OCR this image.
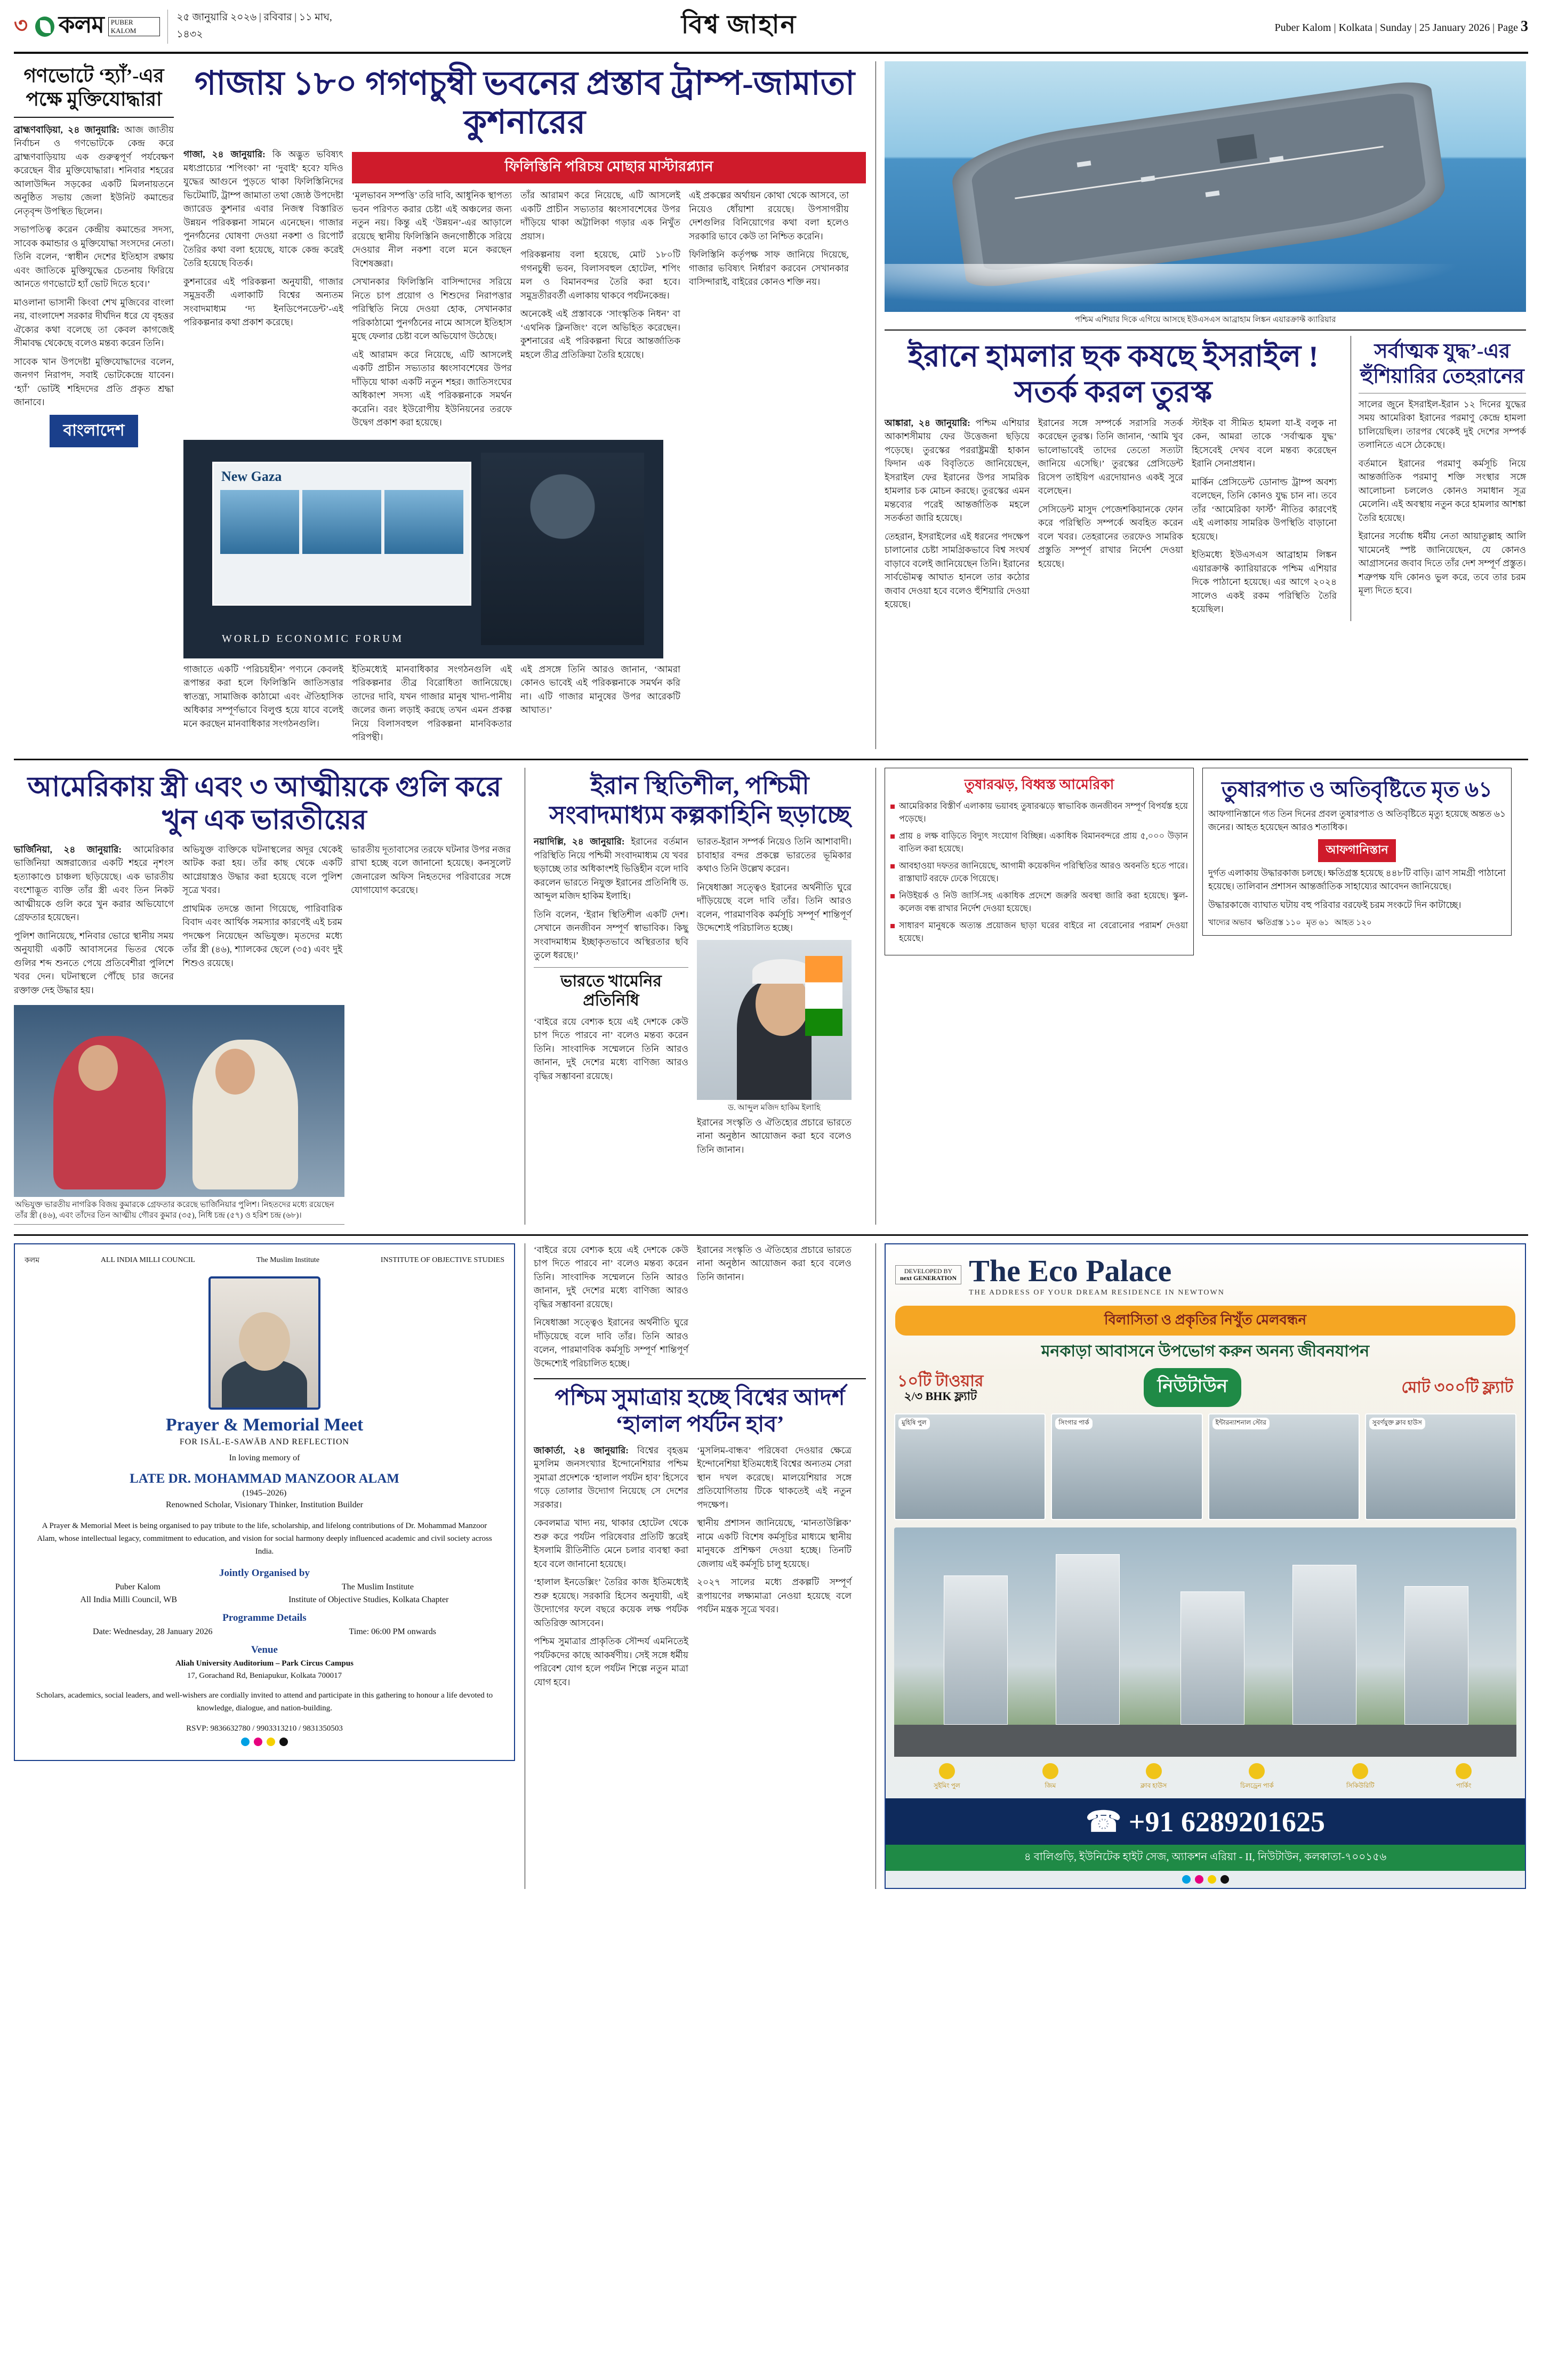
৩ কলম	PUBER KALOM
২৫ জানুয়ারি ২০২৬ | রবিবার | ১১ মাঘ, ১৪৩২	বিশ্ব জাহান	Puber Kalom | Kolkata | Sunday | 25 January 2026 | Page 3
গণভোটে ‘হ্যাঁ’-এর পক্ষে মুক্তিযোদ্ধারা

ব্রাহ্মণবাড়িয়া, ২৪ জানুয়ারি: আজ জাতীয় নির্বাচন ও গণভোটকে কেন্দ্র করে ব্রাহ্মণবাড়িয়ায় এক গুরুত্বপূর্ণ পর্যবেক্ষণ করেছেন বীর মুক্তিযোদ্ধারা। শনিবার শহরের আলাউদ্দিন সড়কের একটি মিলনায়তনে অনুষ্ঠিত সভায় জেলা ইউনিট কমান্ডের নেতৃবৃন্দ উপস্থিত ছিলেন।

সভাপতিত্ব করেন কেন্দ্রীয় কমান্ডের সদস্য, সাবেক কমান্ডার ও মুক্তিযোদ্ধা সংসদের নেতা। তিনি বলেন, ‘স্বাধীন দেশের ইতিহাস রক্ষায় এবং জাতিকে মুক্তিযুদ্ধের চেতনায় ফিরিয়ে আনতে গণভোটে হ্যাঁ ভোট দিতে হবে।’

মাওলানা ভাসানী কিংবা শেখ মুজিবের বাংলা নয়, বাংলাদেশ সরকার দীর্ঘদিন ধরে যে বৃহত্তর ঐক্যের কথা বলেছে তা কেবল কাগজেই সীমাবদ্ধ থেকেছে বলেও মন্তব্য করেন তিনি।

সাবেক খান উপদেষ্টা মুক্তিযোদ্ধাদের বলেন, জনগণ নিরাপদ, সবাই ভোটকেন্দ্রে যাবেন। ‘হ্যাঁ’ ভোটই শহিদদের প্রতি প্রকৃত শ্রদ্ধা জানাবে।

বাংলাদেশ
গাজায় ১৮০ গগণচুম্বী ভবনের প্রস্তাব ট্রাম্প-জামাতা কুশনারের

গাজা, ২৪ জানুয়ারি: কি অদ্ভুত ভবিষ্যৎ মধ্যপ্রাচ্যের ‘শপিংকা’ না ‘দুবাই’ হবে? যদিও যুদ্ধের আগুনে পুড়তে থাকা ফিলিস্তিনিদের ভিটেমাটি, ট্রাম্প জামাতা তথা জ্যেষ্ঠ উপদেষ্টা জ্যারেড কুশনার এবার নিজস্ব বিস্তারিত উন্নয়ন পরিকল্পনা সামনে এনেছেন। গাজার পুনর্গঠনের ঘোষণা দেওয়া নকশা ও রিপোর্ট তৈরির কথা বলা হয়েছে, যাকে কেন্দ্র করেই তৈরি হয়েছে বিতর্ক।

কুশনারের এই পরিকল্পনা অনুযায়ী, গাজার সমুদ্রবর্তী এলাকাটি বিশ্বের অন্যতম সংবাদমাধ্যম ‘দ্য ইনডিপেনডেন্ট’-এই পরিকল্পনার কথা প্রকাশ করেছে।

ফিলিস্তিনি পরিচয় মোছার মাস্টারপ্ল্যান

‘মূলভাবন সম্পত্তি’ তরি দাবি, আধুনিক স্থাপত্য ভবন পরিণত করার চেষ্টা এই অঞ্চলের জন্য নতুন নয়। কিন্তু এই ‘উন্নয়ন’-এর আড়ালে রয়েছে স্থানীয় ফিলিস্তিনি জনগোষ্ঠীকে সরিয়ে দেওয়ার নীল নকশা বলে মনে করছেন বিশেষজ্ঞরা।

সেখানকার ফিলিস্তিনি বাসিন্দাদের সরিয়ে নিতে চাপ প্রয়োগ ও শিশুদের নিরাপত্তার পরিস্থিতি নিয়ে দেওয়া হোক, সেখানকার পরিকাঠামো পুনর্গঠনের নামে আসলে ইতিহাস মুছে ফেলার চেষ্টা বলে অভিযোগ উঠেছে।

এই আরামদ করে নিয়েছে, এটি আসলেই একটি প্রাচীন সভ্যতার ধ্বংসাবশেষের উপর দাঁড়িয়ে থাকা একটি নতুন শহর। জাতিসংঘের অধিকাংশ সদস্য এই পরিকল্পনাকে সমর্থন করেনি। বরং ইউরোপীয় ইউনিয়নের তরফে উদ্বেগ প্রকাশ করা হয়েছে।

তাঁর আরামণ করে নিয়েছে, এটি আসলেই একটি প্রাচীন সভ্যতার ধ্বংসাবশেষের উপর দাঁড়িয়ে থাকা অট্টালিকা গড়ার এক নিখুঁত প্রয়াস।

পরিকল্পনায় বলা হয়েছে, মোট ১৮০টি গগনচুম্বী ভবন, বিলাসবহুল হোটেল, শপিং মল ও বিমানবন্দর তৈরি করা হবে। সমুদ্রতীরবর্তী এলাকায় থাকবে পর্যটনকেন্দ্র।

অনেকেই এই প্রস্তাবকে ‘সাংস্কৃতিক নিধন’ বা ‘এথনিক ক্লিনজিং’ বলে অভিহিত করেছেন। কুশনারের এই পরিকল্পনা ঘিরে আন্তর্জাতিক মহলে তীব্র প্রতিক্রিয়া তৈরি হয়েছে।

এই প্রকল্পের অর্থায়ন কোথা থেকে আসবে, তা নিয়েও ধোঁয়াশা রয়েছে। উপসাগরীয় দেশগুলির বিনিয়োগের কথা বলা হলেও সরকারি ভাবে কেউ তা নিশ্চিত করেনি।

ফিলিস্তিনি কর্তৃপক্ষ সাফ জানিয়ে দিয়েছে, গাজার ভবিষ্যৎ নির্ধারণ করবেন সেখানকার বাসিন্দারাই, বাইরের কোনও শক্তি নয়।

New Gaza
WORLD ECONOMIC FORUM

গাজাতে একটি ‘পরিচয়হীন’ পণ্যনে কেবলই রূপান্তর করা হলে ফিলিস্তিনি জাতিসত্তার স্বাতন্ত্র্য, সামাজিক কাঠামো এবং ঐতিহাসিক অধিকার সম্পূর্ণভাবে বিলুপ্ত হয়ে যাবে বলেই মনে করছেন মানবাধিকার সংগঠনগুলি।

ইতিমধ্যেই মানবাধিকার সংগঠনগুলি এই পরিকল্পনার তীব্র বিরোধিতা জানিয়েছে। তাদের দাবি, যখন গাজার মানুষ খাদ্য-পানীয় জলের জন্য লড়াই করছে তখন এমন প্রকল্প নিয়ে বিলাসবহুল পরিকল্পনা মানবিকতার পরিপন্থী।

এই প্রসঙ্গে তিনি আরও জানান, ‘আমরা কোনও ভাবেই এই পরিকল্পনাকে সমর্থন করি না। এটি গাজার মানুষের উপর আরেকটি আঘাত।’

পশ্চিম এশিয়ার দিকে এগিয়ে আসছে ইউএসএস আব্রাহাম লিঙ্কন এয়ারক্রাফ্ট ক্যারিয়ার
ইরানে হামলার ছক কষছে ইসরাইল ! সতর্ক করল তুরস্ক

আঙ্কারা, ২৪ জানুয়ারি: পশ্চিম এশিয়ার আকাশসীমায় ফের উত্তেজনা ছড়িয়ে পড়েছে। তুরস্কের পররাষ্ট্রমন্ত্রী হাকান ফিদান এক বিবৃতিতে জানিয়েছেন, ইসরাইল ফের ইরানের উপর সামরিক হামলার চক মোচন করছে। তুরস্কের এমন মন্তব্যের পরেই আন্তর্জাতিক মহলে সতর্কতা জারি হয়েছে।

তেহরান, ইসরাইলের এই ধরনের পদক্ষেপ চালানোর চেষ্টা সামগ্রিকভাবে বিশ্ব সংঘর্ষ বাড়াবে বলেই জানিয়েছেন তিনি। ইরানের সার্বভৌমত্ব আঘাত হানলে তার কঠোর জবাব দেওয়া হবে বলেও হুঁশিয়ারি দেওয়া হয়েছে।

ইরানের সঙ্গে সম্পর্কে সরাসরি সতর্ক করেছেন তুরস্ক। তিনি জানান, ‘আমি খুব ভালোভাবেই তাদের তেতো সত্যটা জানিয়ে এসেছি।’ তুরস্কের প্রেসিডেন্ট রিসেপ তাইয়িপ এরদোয়ানও একই সুরে বলেছেন।

সেসিডেন্ট মাসুদ পেজেশকিয়ানকে ফোন করে পরিস্থিতি সম্পর্কে অবহিত করেন বলে খবর। তেহরানের তরফেও সামরিক প্রস্তুতি সম্পূর্ণ রাখার নির্দেশ দেওয়া হয়েছে।

স্টাইক বা সীমিত হামলা যা-ই বলুক না কেন, আমরা তাকে ‘সর্বাত্মক যুদ্ধ’ হিসেবেই দেখব বলে মন্তব্য করেছেন ইরানি সেনাপ্রধান।

মার্কিন প্রেসিডেন্ট ডোনাল্ড ট্রাম্প অবশ্য বলেছেন, তিনি কোনও যুদ্ধ চান না। তবে তাঁর ‘আমেরিকা ফার্স্ট’ নীতির কারণেই এই এলাকায় সামরিক উপস্থিতি বাড়ানো হয়েছে।

ইতিমধ্যে ইউএসএস আব্রাহাম লিঙ্কন এয়ারক্রাফ্ট ক্যারিয়ারকে পশ্চিম এশিয়ার দিকে পাঠানো হয়েছে। এর আগে ২০২৪ সালেও একই রকম পরিস্থিতি তৈরি হয়েছিল।

সর্বাত্মক যুদ্ধ’-এর হুঁশিয়ারির তেহরানের

সালের জুনে ইসরাইল-ইরান ১২ দিনের যুদ্ধের সময় আমেরিকা ইরানের পরমাণু কেন্দ্রে হামলা চালিয়েছিল। তারপর থেকেই দুই দেশের সম্পর্ক তলানিতে এসে ঠেকেছে।

বর্তমানে ইরানের পরমাণু কর্মসূচি নিয়ে আন্তর্জাতিক পরমাণু শক্তি সংস্থার সঙ্গে আলোচনা চললেও কোনও সমাধান সূত্র মেলেনি। এই অবস্থায় নতুন করে হামলার আশঙ্কা তৈরি হয়েছে।

ইরানের সর্বোচ্চ ধর্মীয় নেতা আয়াতুল্লাহ আলি খামেনেই স্পষ্ট জানিয়েছেন, যে কোনও আগ্রাসনের জবাব দিতে তাঁর দেশ সম্পূর্ণ প্রস্তুত। শত্রুপক্ষ যদি কোনও ভুল করে, তবে তার চরম মূল্য দিতে হবে।

আমেরিকায় স্ত্রী এবং ৩ আত্মীয়কে গুলি করে খুন এক ভারতীয়ের

ভার্জিনিয়া, ২৪ জানুয়ারি: আমেরিকার ভার্জিনিয়া অঙ্গরাজ্যের একটি শহরে নৃশংস হত্যাকাণ্ডে চাঞ্চল্য ছড়িয়েছে। এক ভারতীয় বংশোদ্ভূত ব্যক্তি তাঁর স্ত্রী এবং তিন নিকট আত্মীয়কে গুলি করে খুন করার অভিযোগে গ্রেফতার হয়েছেন।

পুলিশ জানিয়েছে, শনিবার ভোরে স্থানীয় সময় অনুযায়ী একটি আবাসনের ভিতর থেকে গুলির শব্দ শুনতে পেয়ে প্রতিবেশীরা পুলিশে খবর দেন। ঘটনাস্থলে পৌঁছে চার জনের রক্তাক্ত দেহ উদ্ধার হয়।

অভিযুক্ত ব্যক্তিকে ঘটনাস্থলের অদূর থেকেই আটক করা হয়। তাঁর কাছ থেকে একটি আগ্নেয়াস্ত্রও উদ্ধার করা হয়েছে বলে পুলিশ সূত্রে খবর।

প্রাথমিক তদন্তে জানা গিয়েছে, পারিবারিক বিবাদ এবং আর্থিক সমস্যার কারণেই এই চরম পদক্ষেপ নিয়েছেন অভিযুক্ত। মৃতদের মধ্যে তাঁর স্ত্রী (৪৬), শ্যালকের ছেলে (৩৫) এবং দুই শিশুও রয়েছে।

ভারতীয় দূতাবাসের তরফে ঘটনার উপর নজর রাখা হচ্ছে বলে জানানো হয়েছে। কনসুলেট জেনারেল অফিস নিহতদের পরিবারের সঙ্গে যোগাযোগ করেছে।

অভিযুক্ত ভারতীয় নাগরিক বিজয় কুমারকে গ্রেফতার করেছে ভার্জিনিয়ার পুলিশ। নিহতদের মধ্যে রয়েছেন তাঁর স্ত্রী (৪৬), এবং তাঁদের তিন আত্মীয় গৌরব কুমার (৩৫), নিধি চন্দ্র (৫৭) ও হরিশ চন্দ্র (৬৮)।
ইরান স্থিতিশীল, পশ্চিমী সংবাদমাধ্যম কল্পকাহিনি ছড়াচ্ছে

নয়াদিল্লি, ২৪ জানুয়ারি: ইরানের বর্তমান পরিস্থিতি নিয়ে পশ্চিমী সংবাদমাধ্যম যে খবর ছড়াচ্ছে তার অধিকাংশই ভিত্তিহীন বলে দাবি করলেন ভারতে নিযুক্ত ইরানের প্রতিনিধি ড. আব্দুল মজিদ হাকিম ইলাহি।

তিনি বলেন, ‘ইরান স্থিতিশীল একটি দেশ। সেখানে জনজীবন সম্পূর্ণ স্বাভাবিক। কিছু সংবাদমাধ্যম ইচ্ছাকৃতভাবে অস্থিরতার ছবি তুলে ধরছে।’

ভারতে খামেনির প্রতিনিধি

‘বাইরে রয়ে বেশ্যক হয়ে এই দেশকে কেউ চাপ দিতে পারবে না’ বলেও মন্তব্য করেন তিনি। সাংবাদিক সম্মেলনে তিনি আরও জানান, দুই দেশের মধ্যে বাণিজ্য আরও বৃদ্ধির সম্ভাবনা রয়েছে।

ভারত-ইরান সম্পর্ক নিয়েও তিনি আশাবাদী। চাবাহার বন্দর প্রকল্পে ভারতের ভূমিকার কথাও তিনি উল্লেখ করেন।

নিষেধাজ্ঞা সত্ত্বেও ইরানের অর্থনীতি ঘুরে দাঁড়িয়েছে বলে দাবি তাঁর। তিনি আরও বলেন, পারমাণবিক কর্মসূচি সম্পূর্ণ শান্তিপূর্ণ উদ্দেশ্যেই পরিচালিত হচ্ছে।

ড. আব্দুল মজিদ হাকিম ইলাহি

ইরানের সংস্কৃতি ও ঐতিহ্যের প্রচারে ভারতে নানা অনুষ্ঠান আয়োজন করা হবে বলেও তিনি জানান।

তুষারঝড়, বিধ্বস্ত আমেরিকা
আমেরিকার বিস্তীর্ণ এলাকায় ভয়াবহ তুষারঝড়ে স্বাভাবিক জনজীবন সম্পূর্ণ বিপর্যস্ত হয়ে পড়েছে।
প্রায় ৪ লক্ষ বাড়িতে বিদ্যুৎ সংযোগ বিচ্ছিন্ন। একাধিক বিমানবন্দরে প্রায় ৫,০০০ উড়ান বাতিল করা হয়েছে।
আবহাওয়া দফতর জানিয়েছে, আগামী কয়েকদিন পরিস্থিতির আরও অবনতি হতে পারে। রাস্তাঘাট বরফে ঢেকে গিয়েছে।
নিউইয়র্ক ও নিউ জার্সি-সহ একাধিক প্রদেশে জরুরি অবস্থা জারি করা হয়েছে। স্কুল-কলেজ বন্ধ রাখার নির্দেশ দেওয়া হয়েছে।
সাধারণ মানুষকে অত্যন্ত প্রয়োজন ছাড়া ঘরের বাইরে না বেরোনোর পরামর্শ দেওয়া হয়েছে।
তুষারপাত ও অতিবৃষ্টিতে মৃত ৬১

আফগানিস্তানে গত তিন দিনের প্রবল তুষারপাত ও অতিবৃষ্টিতে মৃত্যু হয়েছে অন্তত ৬১ জনের। আহত হয়েছেন আরও শতাধিক।

আফগানিস্তান

দুর্গত এলাকায় উদ্ধারকাজ চলছে। ক্ষতিগ্রস্ত হয়েছে ৪৪৮টি বাড়ি। ত্রাণ সামগ্রী পাঠানো হয়েছে। তালিবান প্রশাসন আন্তর্জাতিক সাহায্যের আবেদন জানিয়েছে।

উদ্ধারকাজে ব্যাঘাত ঘটায় বহু পরিবার বরফেই চরম সংকটে দিন কাটাচ্ছে।

খাদ্যের অভাব ক্ষতিগ্রস্ত ১১০ মৃত ৬১ আহত ১২০
কলম	ALL INDIA MILLI COUNCIL	The Muslim Institute	INSTITUTE OF OBJECTIVE STUDIES
Prayer & Memorial Meet
FOR ISĀL-E-SAWĀB AND REFLECTION
In loving memory of
LATE DR. MOHAMMAD MANZOOR ALAM
(1945–2026)
Renowned Scholar, Visionary Thinker, Institution Builder
A Prayer & Memorial Meet is being organised to pay tribute to the life, scholarship, and lifelong contributions of Dr. Mohammad Manzoor Alam, whose intellectual legacy, commitment to education, and vision for social harmony deeply influenced academic and civil society across India.
Jointly Organised by
Puber Kalom	The Muslim Institute
All India Milli Council, WB	Institute of Objective Studies, Kolkata Chapter
Programme Details
Date: Wednesday, 28 January 2026	Time: 06:00 PM onwards
Venue
Aliah University Auditorium – Park Circus Campus
17, Gorachand Rd, Beniapukur, Kolkata 700017
Scholars, academics, social leaders, and well-wishers are cordially invited to attend and participate in this gathering to honour a life devoted to knowledge, dialogue, and nation-building.
RSVP: 9836632780 / 9903313210 / 9831350503

‘বাইরে রয়ে বেশ্যক হয়ে এই দেশকে কেউ চাপ দিতে পারবে না’ বলেও মন্তব্য করেন তিনি। সাংবাদিক সম্মেলনে তিনি আরও জানান, দুই দেশের মধ্যে বাণিজ্য আরও বৃদ্ধির সম্ভাবনা রয়েছে।

নিষেধাজ্ঞা সত্ত্বেও ইরানের অর্থনীতি ঘুরে দাঁড়িয়েছে বলে দাবি তাঁর। তিনি আরও বলেন, পারমাণবিক কর্মসূচি সম্পূর্ণ শান্তিপূর্ণ উদ্দেশ্যেই পরিচালিত হচ্ছে।

ইরানের সংস্কৃতি ও ঐতিহ্যের প্রচারে ভারতে নানা অনুষ্ঠান আয়োজন করা হবে বলেও তিনি জানান।

পশ্চিম সুমাত্রায় হচ্ছে বিশ্বের আদর্শ ‘হালাল পর্যটন হাব’

জাকার্তা, ২৪ জানুয়ারি: বিশ্বের বৃহত্তম মুসলিম জনসংখ্যার ইন্দোনেশিয়ার পশ্চিম সুমাত্রা প্রদেশকে ‘হালাল পর্যটন হাব’ হিসেবে গড়ে তোলার উদ্যোগ নিয়েছে সে দেশের সরকার।

কেবলমাত্র খাদ্য নয়, থাকার হোটেল থেকে শুরু করে পর্যটন পরিষেবার প্রতিটি স্তরেই ইসলামি রীতিনীতি মেনে চলার ব্যবস্থা করা হবে বলে জানানো হয়েছে।

‘হালাল ইনডেক্সিং’ তৈরির কাজ ইতিমধ্যেই শুরু হয়েছে। সরকারি হিসেব অনুযায়ী, এই উদ্যোগের ফলে বছরে কয়েক লক্ষ পর্যটক অতিরিক্ত আসবেন।

পশ্চিম সুমাত্রার প্রাকৃতিক সৌন্দর্য এমনিতেই পর্যটকদের কাছে আকর্ষণীয়। সেই সঙ্গে ধর্মীয় পরিবেশ যোগ হলে পর্যটন শিল্পে নতুন মাত্রা যোগ হবে।

‘মুসলিম-বান্ধব’ পরিষেবা দেওয়ার ক্ষেত্রে ইন্দোনেশিয়া ইতিমধ্যেই বিশ্বের অন্যতম সেরা স্থান দখল করেছে। মালয়েশিয়ার সঙ্গে প্রতিযোগিতায় টিকে থাকতেই এই নতুন পদক্ষেপ।

স্থানীয় প্রশাসন জানিয়েছে, ‘মানতাউল্লিক’ নামে একটি বিশেষ কর্মসূচির মাধ্যমে স্থানীয় মানুষকে প্রশিক্ষণ দেওয়া হচ্ছে। তিনটি জেলায় এই কর্মসূচি চালু হয়েছে।

২০২৭ সালের মধ্যে প্রকল্পটি সম্পূর্ণ রূপায়ণের লক্ষ্যমাত্রা নেওয়া হয়েছে বলে পর্যটন মন্ত্রক সূত্রে খবর।

DEVELOPED BY
next GENERATION The Eco Palace
THE ADDRESS OF YOUR DREAM RESIDENCE IN NEWTOWN
বিলাসিতা ও প্রকৃতির নিখুঁত মেলবন্ধন
মনকাড়া আবাসনে উপভোগ করুন অনন্য জীবনযাপন
১০টি টাওয়ার
২/৩ BHK ফ্ল্যাট	নিউটাউন	মোট ৩০০টি ফ্ল্যাট
মুহিষি পুল	সিংগার পার্ক	ইন্টারন্যাশনাল স্টোর	সুবর্ণযুক্ত ক্লাব হাউস
সুইমিং পুল	জিম	ক্লাব হাউস	চিলড্রেন পার্ক	সিকিউরিটি	পার্কিং
☎ +91 6289201625
৪ বালিগুড়ি, ইউনিটেক হাইট সেজ, অ্যাকশন এরিয়া - II, নিউটাউন, কলকাতা-৭০০১৫৬
